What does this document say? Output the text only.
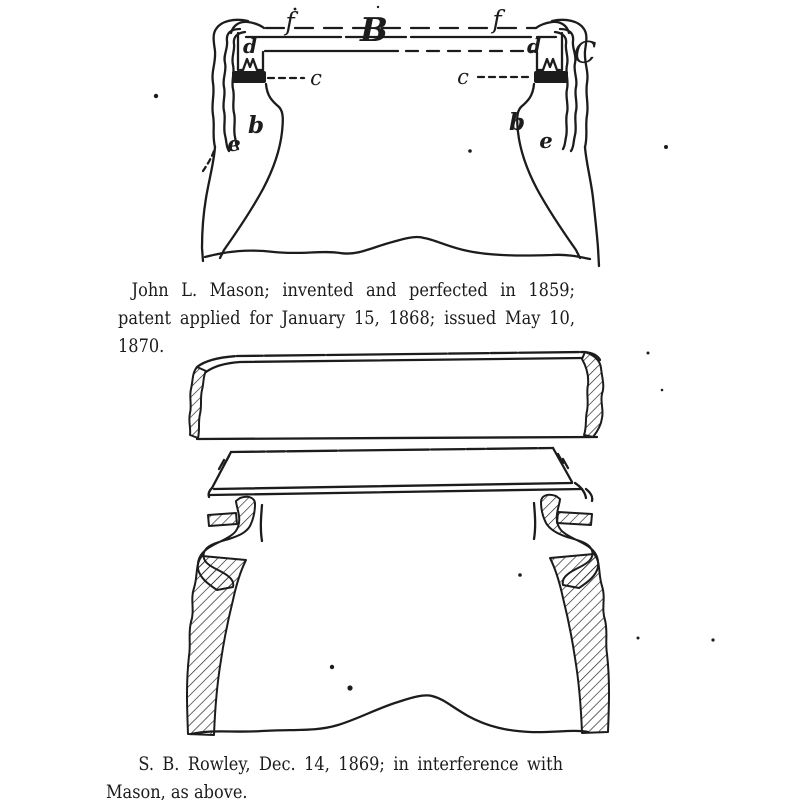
f B	f
d	d C
c	c
b	b
e	e
John L. Mason; invented and perfected in 1859;
patent applied for January 15, 1868; issued May 10, 1870.
S. B. Rowley, Dec. 14, 1869; in interference with
Mason, as above.
